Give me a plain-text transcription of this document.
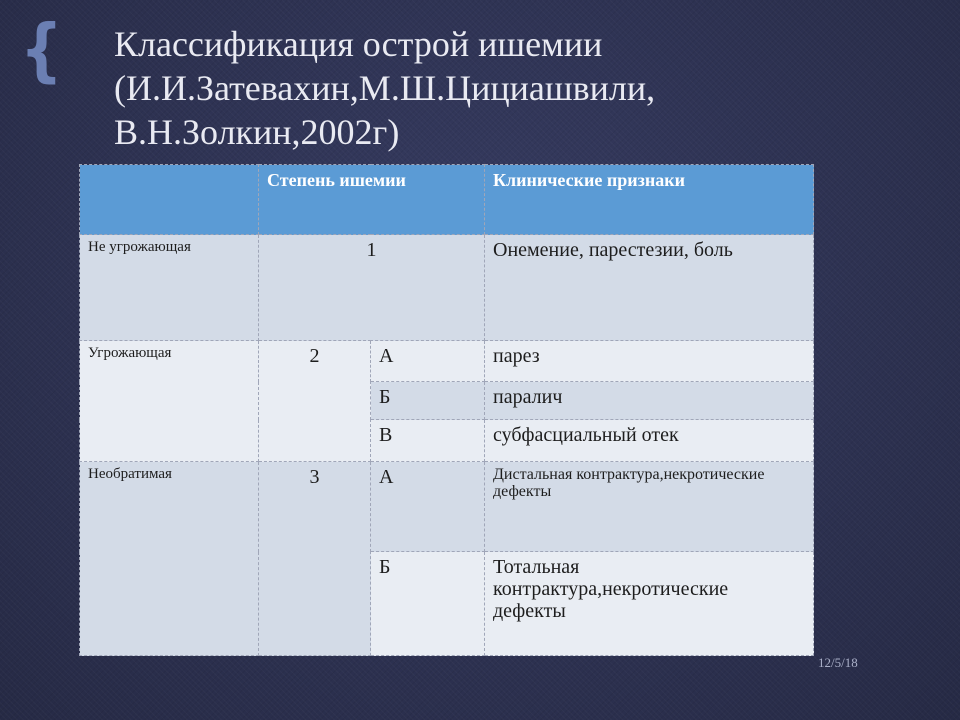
{ Классификация острой ишемии
(И.И.Затевахин,М.Ш.Цициашвили,
В.Н.Золкин,2002г)
	Степень ишемии		Клинические признаки
Не угрожающая	1		Онемение, парестезии, боль
Угрожающая	2	А	парез
		Б	паралич
		В	субфасциальный отек
Необратимая	3	А	Дистальная контрактура,некротические дефекты
		Б	Тотальная контрактура,некротические дефекты
12/5/18
